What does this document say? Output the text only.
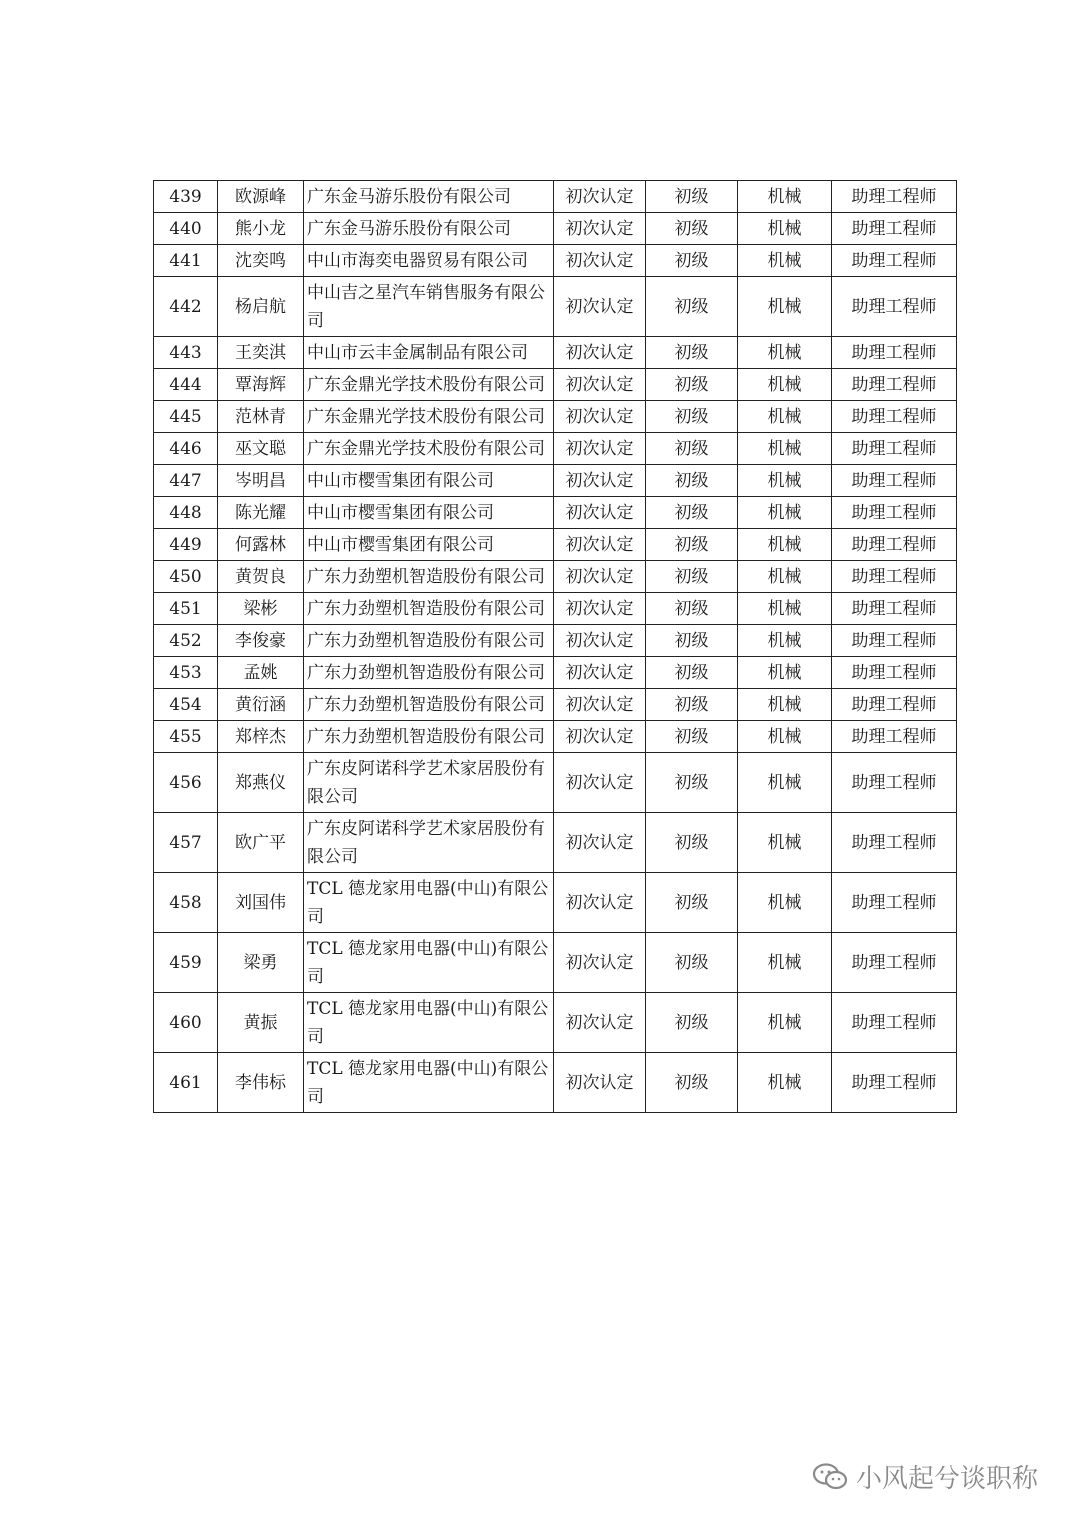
439	欧源峰	广东金马游乐股份有限公司	初次认定	初级	机械	助理工程师
440	熊小龙	广东金马游乐股份有限公司	初次认定	初级	机械	助理工程师
441	沈奕鸣	中山市海奕电器贸易有限公司	初次认定	初级	机械	助理工程师
442	杨启航	中山吉之星汽车销售服务有限公司	初次认定	初级	机械	助理工程师
443	王奕淇	中山市云丰金属制品有限公司	初次认定	初级	机械	助理工程师
444	覃海辉	广东金鼎光学技术股份有限公司	初次认定	初级	机械	助理工程师
445	范林青	广东金鼎光学技术股份有限公司	初次认定	初级	机械	助理工程师
446	巫文聪	广东金鼎光学技术股份有限公司	初次认定	初级	机械	助理工程师
447	岑明昌	中山市樱雪集团有限公司	初次认定	初级	机械	助理工程师
448	陈光耀	中山市樱雪集团有限公司	初次认定	初级	机械	助理工程师
449	何露林	中山市樱雪集团有限公司	初次认定	初级	机械	助理工程师
450	黄贺良	广东力劲塑机智造股份有限公司	初次认定	初级	机械	助理工程师
451	梁彬	广东力劲塑机智造股份有限公司	初次认定	初级	机械	助理工程师
452	李俊豪	广东力劲塑机智造股份有限公司	初次认定	初级	机械	助理工程师
453	孟姚	广东力劲塑机智造股份有限公司	初次认定	初级	机械	助理工程师
454	黄衍涵	广东力劲塑机智造股份有限公司	初次认定	初级	机械	助理工程师
455	郑梓杰	广东力劲塑机智造股份有限公司	初次认定	初级	机械	助理工程师
456	郑燕仪	广东皮阿诺科学艺术家居股份有限公司	初次认定	初级	机械	助理工程师
457	欧广平	广东皮阿诺科学艺术家居股份有限公司	初次认定	初级	机械	助理工程师
458	刘国伟	TCL 德龙家用电器(中山)有限公司	初次认定	初级	机械	助理工程师
459	梁勇	TCL 德龙家用电器(中山)有限公司	初次认定	初级	机械	助理工程师
460	黄振	TCL 德龙家用电器(中山)有限公司	初次认定	初级	机械	助理工程师
461	李伟标	TCL 德龙家用电器(中山)有限公司	初次认定	初级	机械	助理工程师
小风起兮谈职称
